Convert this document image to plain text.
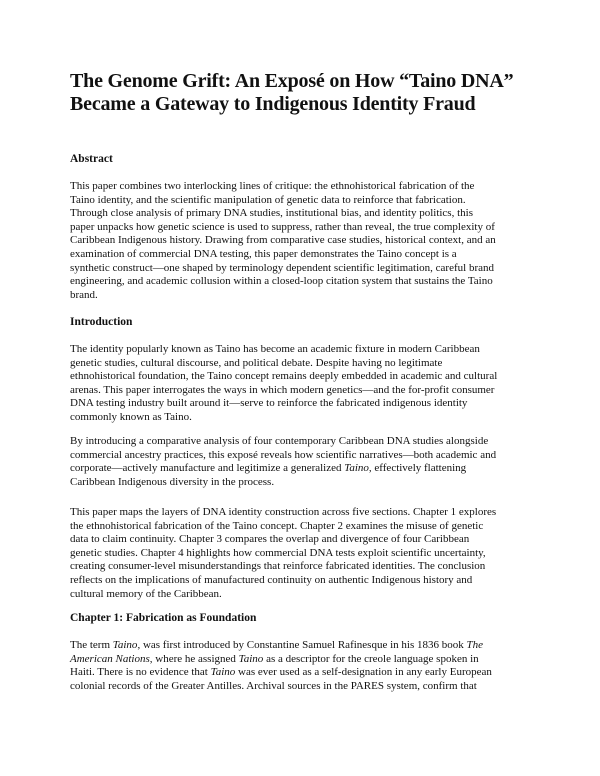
The Genome Grift: An Exposé on How “Taino DNA”
Became a Gateway to Indigenous Identity Fraud
Abstract

This paper combines two interlocking lines of critique: the ethnohistorical fabrication of the
Taino identity, and the scientific manipulation of genetic data to reinforce that fabrication.
Through close analysis of primary DNA studies, institutional bias, and identity politics, this
paper unpacks how genetic science is used to suppress, rather than reveal, the true complexity of
Caribbean Indigenous history. Drawing from comparative case studies, historical context, and an
examination of commercial DNA testing, this paper demonstrates the Taino concept is a
synthetic construct—one shaped by terminology dependent scientific legitimation, careful brand
engineering, and academic collusion within a closed-loop citation system that sustains the Taino
brand.

Introduction

The identity popularly known as Taino has become an academic fixture in modern Caribbean
genetic studies, cultural discourse, and political debate. Despite having no legitimate
ethnohistorical foundation, the Taino concept remains deeply embedded in academic and cultural
arenas. This paper interrogates the ways in which modern genetics—and the for-profit consumer
DNA testing industry built around it—serve to reinforce the fabricated indigenous identity
commonly known as Taino.

By introducing a comparative analysis of four contemporary Caribbean DNA studies alongside
commercial ancestry practices, this exposé reveals how scientific narratives—both academic and
corporate—actively manufacture and legitimize a generalized Taino, effectively flattening
Caribbean Indigenous diversity in the process.

This paper maps the layers of DNA identity construction across five sections. Chapter 1 explores
the ethnohistorical fabrication of the Taino concept. Chapter 2 examines the misuse of genetic
data to claim continuity. Chapter 3 compares the overlap and divergence of four Caribbean
genetic studies. Chapter 4 highlights how commercial DNA tests exploit scientific uncertainty,
creating consumer-level misunderstandings that reinforce fabricated identities. The conclusion
reflects on the implications of manufactured continuity on authentic Indigenous history and
cultural memory of the Caribbean.

Chapter 1: Fabrication as Foundation

The term Taino, was first introduced by Constantine Samuel Rafinesque in his 1836 book The
American Nations, where he assigned Taino as a descriptor for the creole language spoken in
Haiti. There is no evidence that Taino was ever used as a self-designation in any early European
colonial records of the Greater Antilles. Archival sources in the PARES system, confirm that
